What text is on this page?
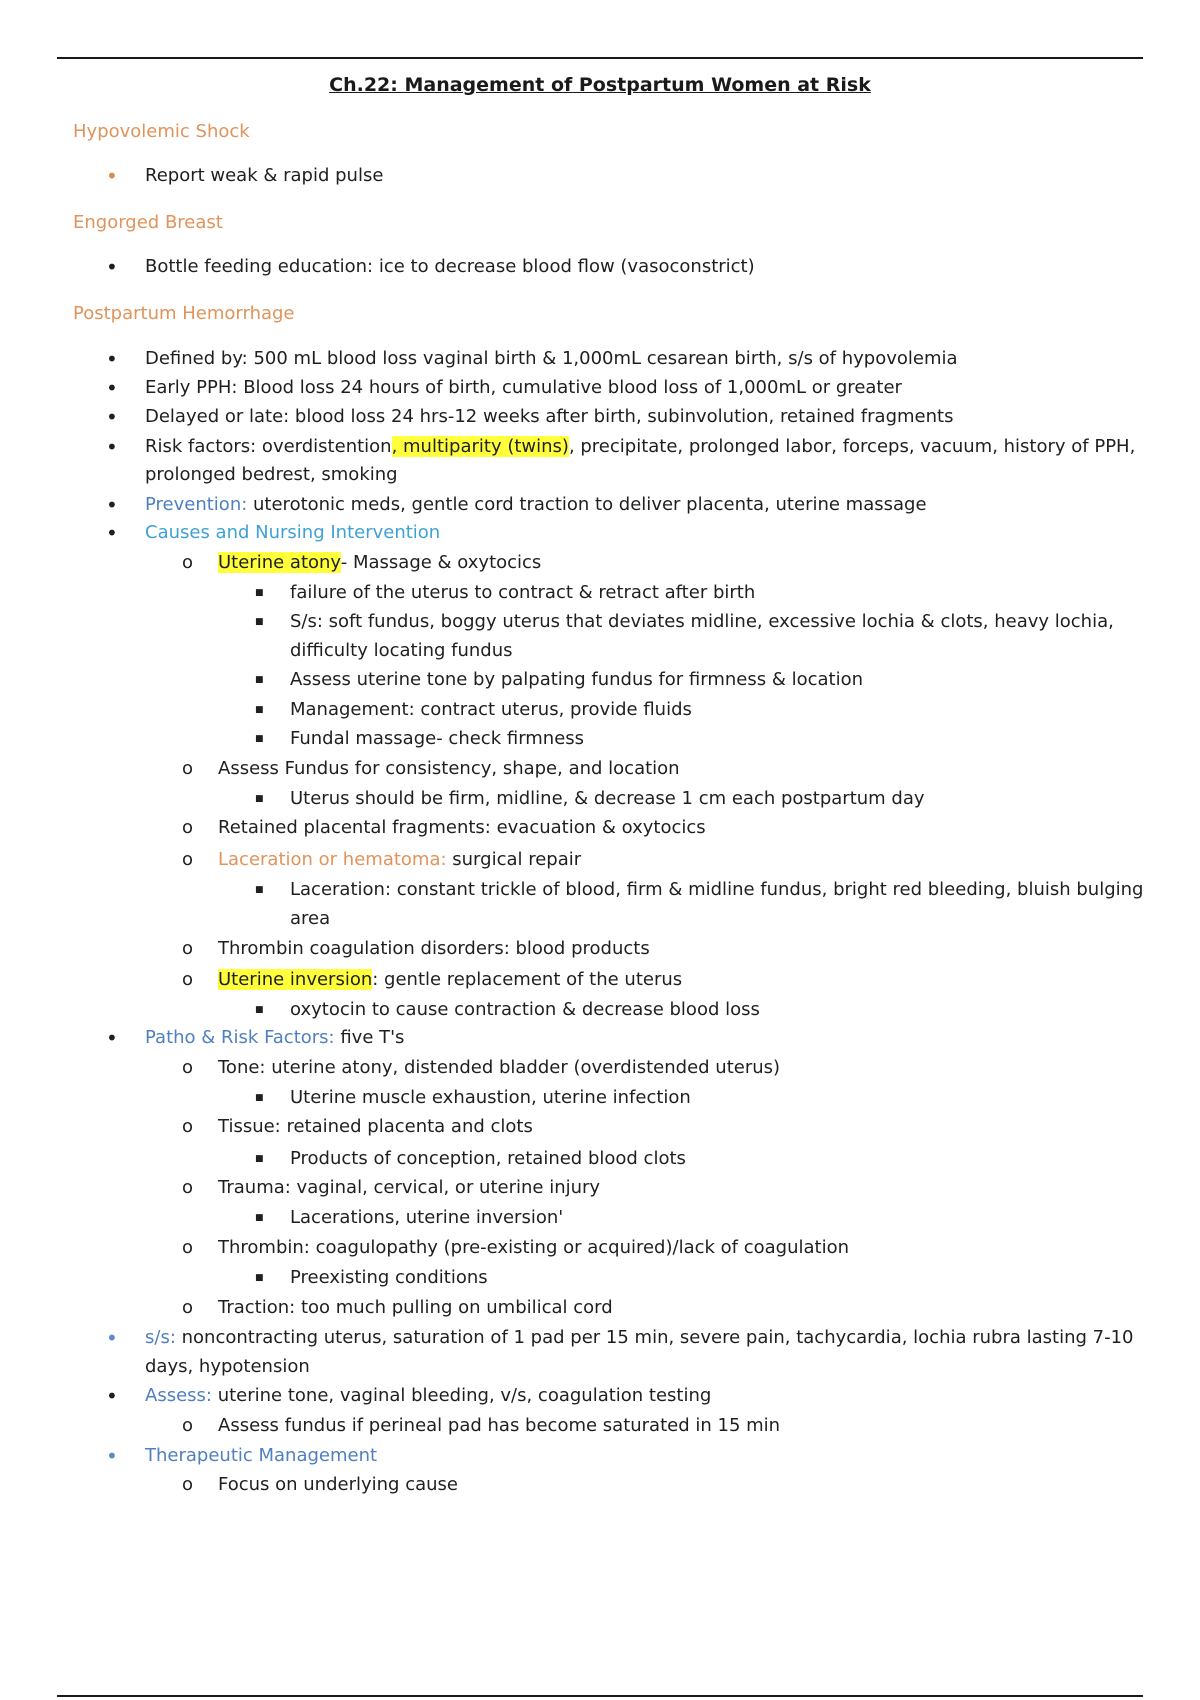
Ch.22: Management of Postpartum Women at Risk
Hypovolemic Shock
• Report weak & rapid pulse
Engorged Breast
• Bottle feeding education: ice to decrease blood flow (vasoconstrict)
Postpartum Hemorrhage
• Defined by: 500 mL blood loss vaginal birth & 1,000mL cesarean birth, s/s of hypovolemia
• Early PPH: Blood loss 24 hours of birth, cumulative blood loss of 1,000mL or greater
• Delayed or late: blood loss 24 hrs-12 weeks after birth, subinvolution, retained fragments
• Risk factors: overdistention, multiparity (twins), precipitate, prolonged labor, forceps, vacuum, history of PPH,
prolonged bedrest, smoking
• Prevention: uterotonic meds, gentle cord traction to deliver placenta, uterine massage
• Causes and Nursing Intervention
o Uterine atony- Massage & oxytocics
■ failure of the uterus to contract & retract after birth
■ S/s: soft fundus, boggy uterus that deviates midline, excessive lochia & clots, heavy lochia,
difficulty locating fundus
■ Assess uterine tone by palpating fundus for firmness & location
■ Management: contract uterus, provide fluids
■ Fundal massage- check firmness
o Assess Fundus for consistency, shape, and location
■ Uterus should be firm, midline, & decrease 1 cm each postpartum day
o Retained placental fragments: evacuation & oxytocics
o Laceration or hematoma: surgical repair
■ Laceration: constant trickle of blood, firm & midline fundus, bright red bleeding, bluish bulging
area
o Thrombin coagulation disorders: blood products
o Uterine inversion: gentle replacement of the uterus
■ oxytocin to cause contraction & decrease blood loss
• Patho & Risk Factors: five T's
o Tone: uterine atony, distended bladder (overdistended uterus)
■ Uterine muscle exhaustion, uterine infection
o Tissue: retained placenta and clots
■ Products of conception, retained blood clots
o Trauma: vaginal, cervical, or uterine injury
■ Lacerations, uterine inversion'
o Thrombin: coagulopathy (pre-existing or acquired)/lack of coagulation
■ Preexisting conditions
o Traction: too much pulling on umbilical cord
• s/s: noncontracting uterus, saturation of 1 pad per 15 min, severe pain, tachycardia, lochia rubra lasting 7-10
days, hypotension
• Assess: uterine tone, vaginal bleeding, v/s, coagulation testing
o Assess fundus if perineal pad has become saturated in 15 min
• Therapeutic Management
o Focus on underlying cause
